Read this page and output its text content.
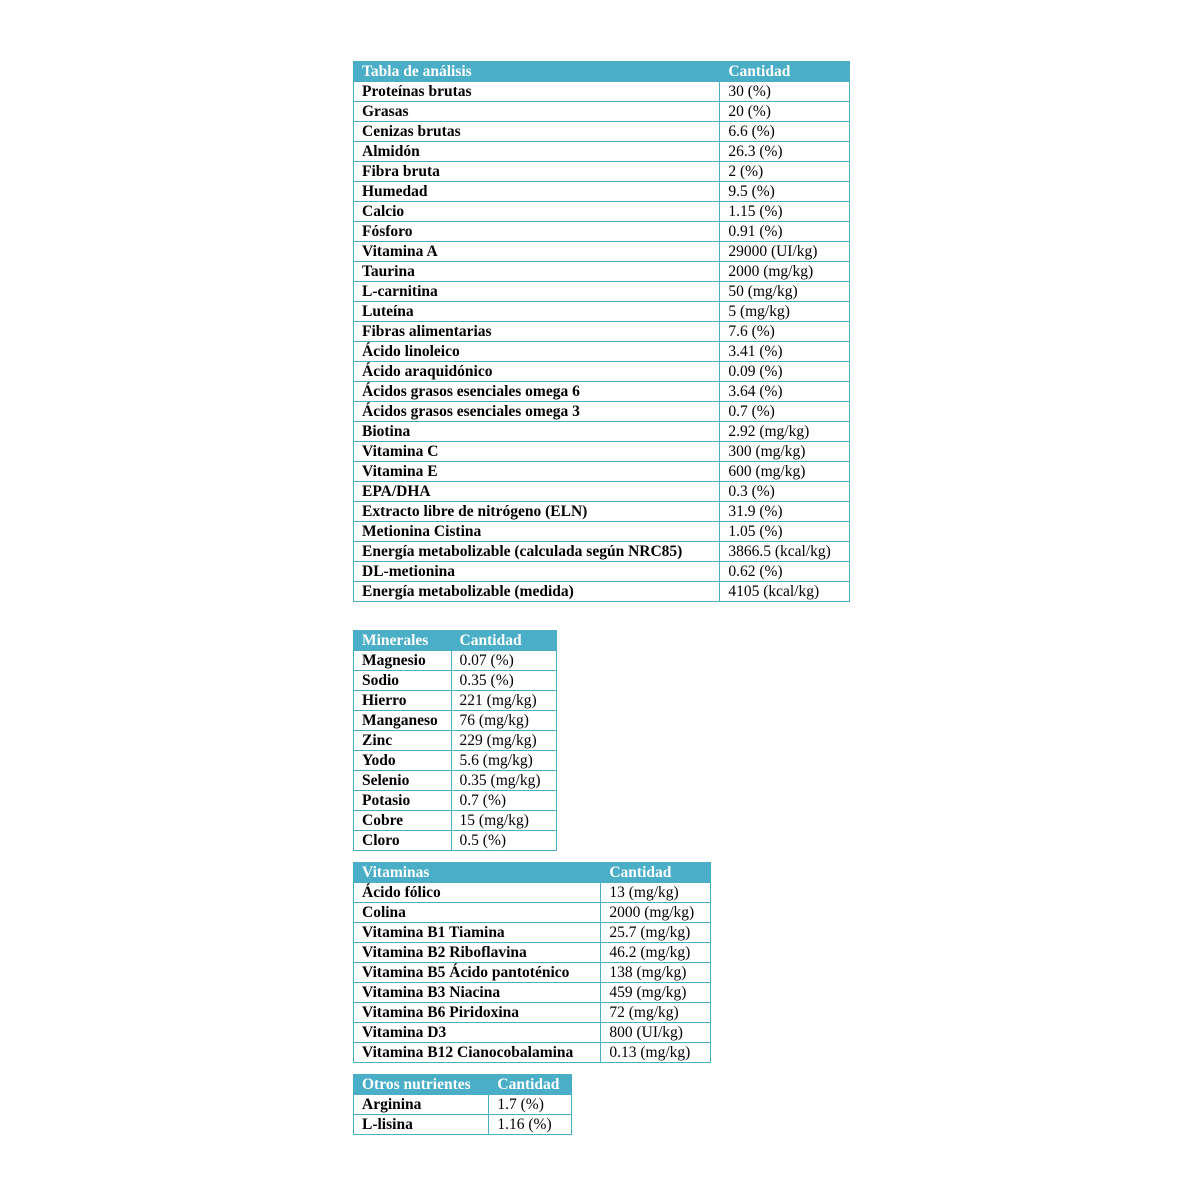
Tabla de análisis	Cantidad
Proteínas brutas	30 (%)
Grasas	20 (%)
Cenizas brutas	6.6 (%)
Almidón	26.3 (%)
Fibra bruta	2 (%)
Humedad	9.5 (%)
Calcio	1.15 (%)
Fósforo	0.91 (%)
Vitamina A	29000 (UI/kg)
Taurina	2000 (mg/kg)
L-carnitina	50 (mg/kg)
Luteína	5 (mg/kg)
Fibras alimentarias	7.6 (%)
Ácido linoleico	3.41 (%)
Ácido araquidónico	0.09 (%)
Ácidos grasos esenciales omega 6	3.64 (%)
Ácidos grasos esenciales omega 3	0.7 (%)
Biotina	2.92 (mg/kg)
Vitamina C	300 (mg/kg)
Vitamina E	600 (mg/kg)
EPA/DHA	0.3 (%)
Extracto libre de nitrógeno (ELN)	31.9 (%)
Metionina Cistina	1.05 (%)
Energía metabolizable (calculada según NRC85)	3866.5 (kcal/kg)
DL-metionina	0.62 (%)
Energía metabolizable (medida)	4105 (kcal/kg)
Minerales	Cantidad
Magnesio	0.07 (%)
Sodio	0.35 (%)
Hierro	221 (mg/kg)
Manganeso	76 (mg/kg)
Zinc	229 (mg/kg)
Yodo	5.6 (mg/kg)
Selenio	0.35 (mg/kg)
Potasio	0.7 (%)
Cobre	15 (mg/kg)
Cloro	0.5 (%)
Vitaminas	Cantidad
Ácido fólico	13 (mg/kg)
Colina	2000 (mg/kg)
Vitamina B1 Tiamina	25.7 (mg/kg)
Vitamina B2 Riboflavina	46.2 (mg/kg)
Vitamina B5 Ácido pantoténico	138 (mg/kg)
Vitamina B3 Niacina	459 (mg/kg)
Vitamina B6 Piridoxina	72 (mg/kg)
Vitamina D3	800 (UI/kg)
Vitamina B12 Cianocobalamina	0.13 (mg/kg)
Otros nutrientes	Cantidad
Arginina	1.7 (%)
L-lisina	1.16 (%)
